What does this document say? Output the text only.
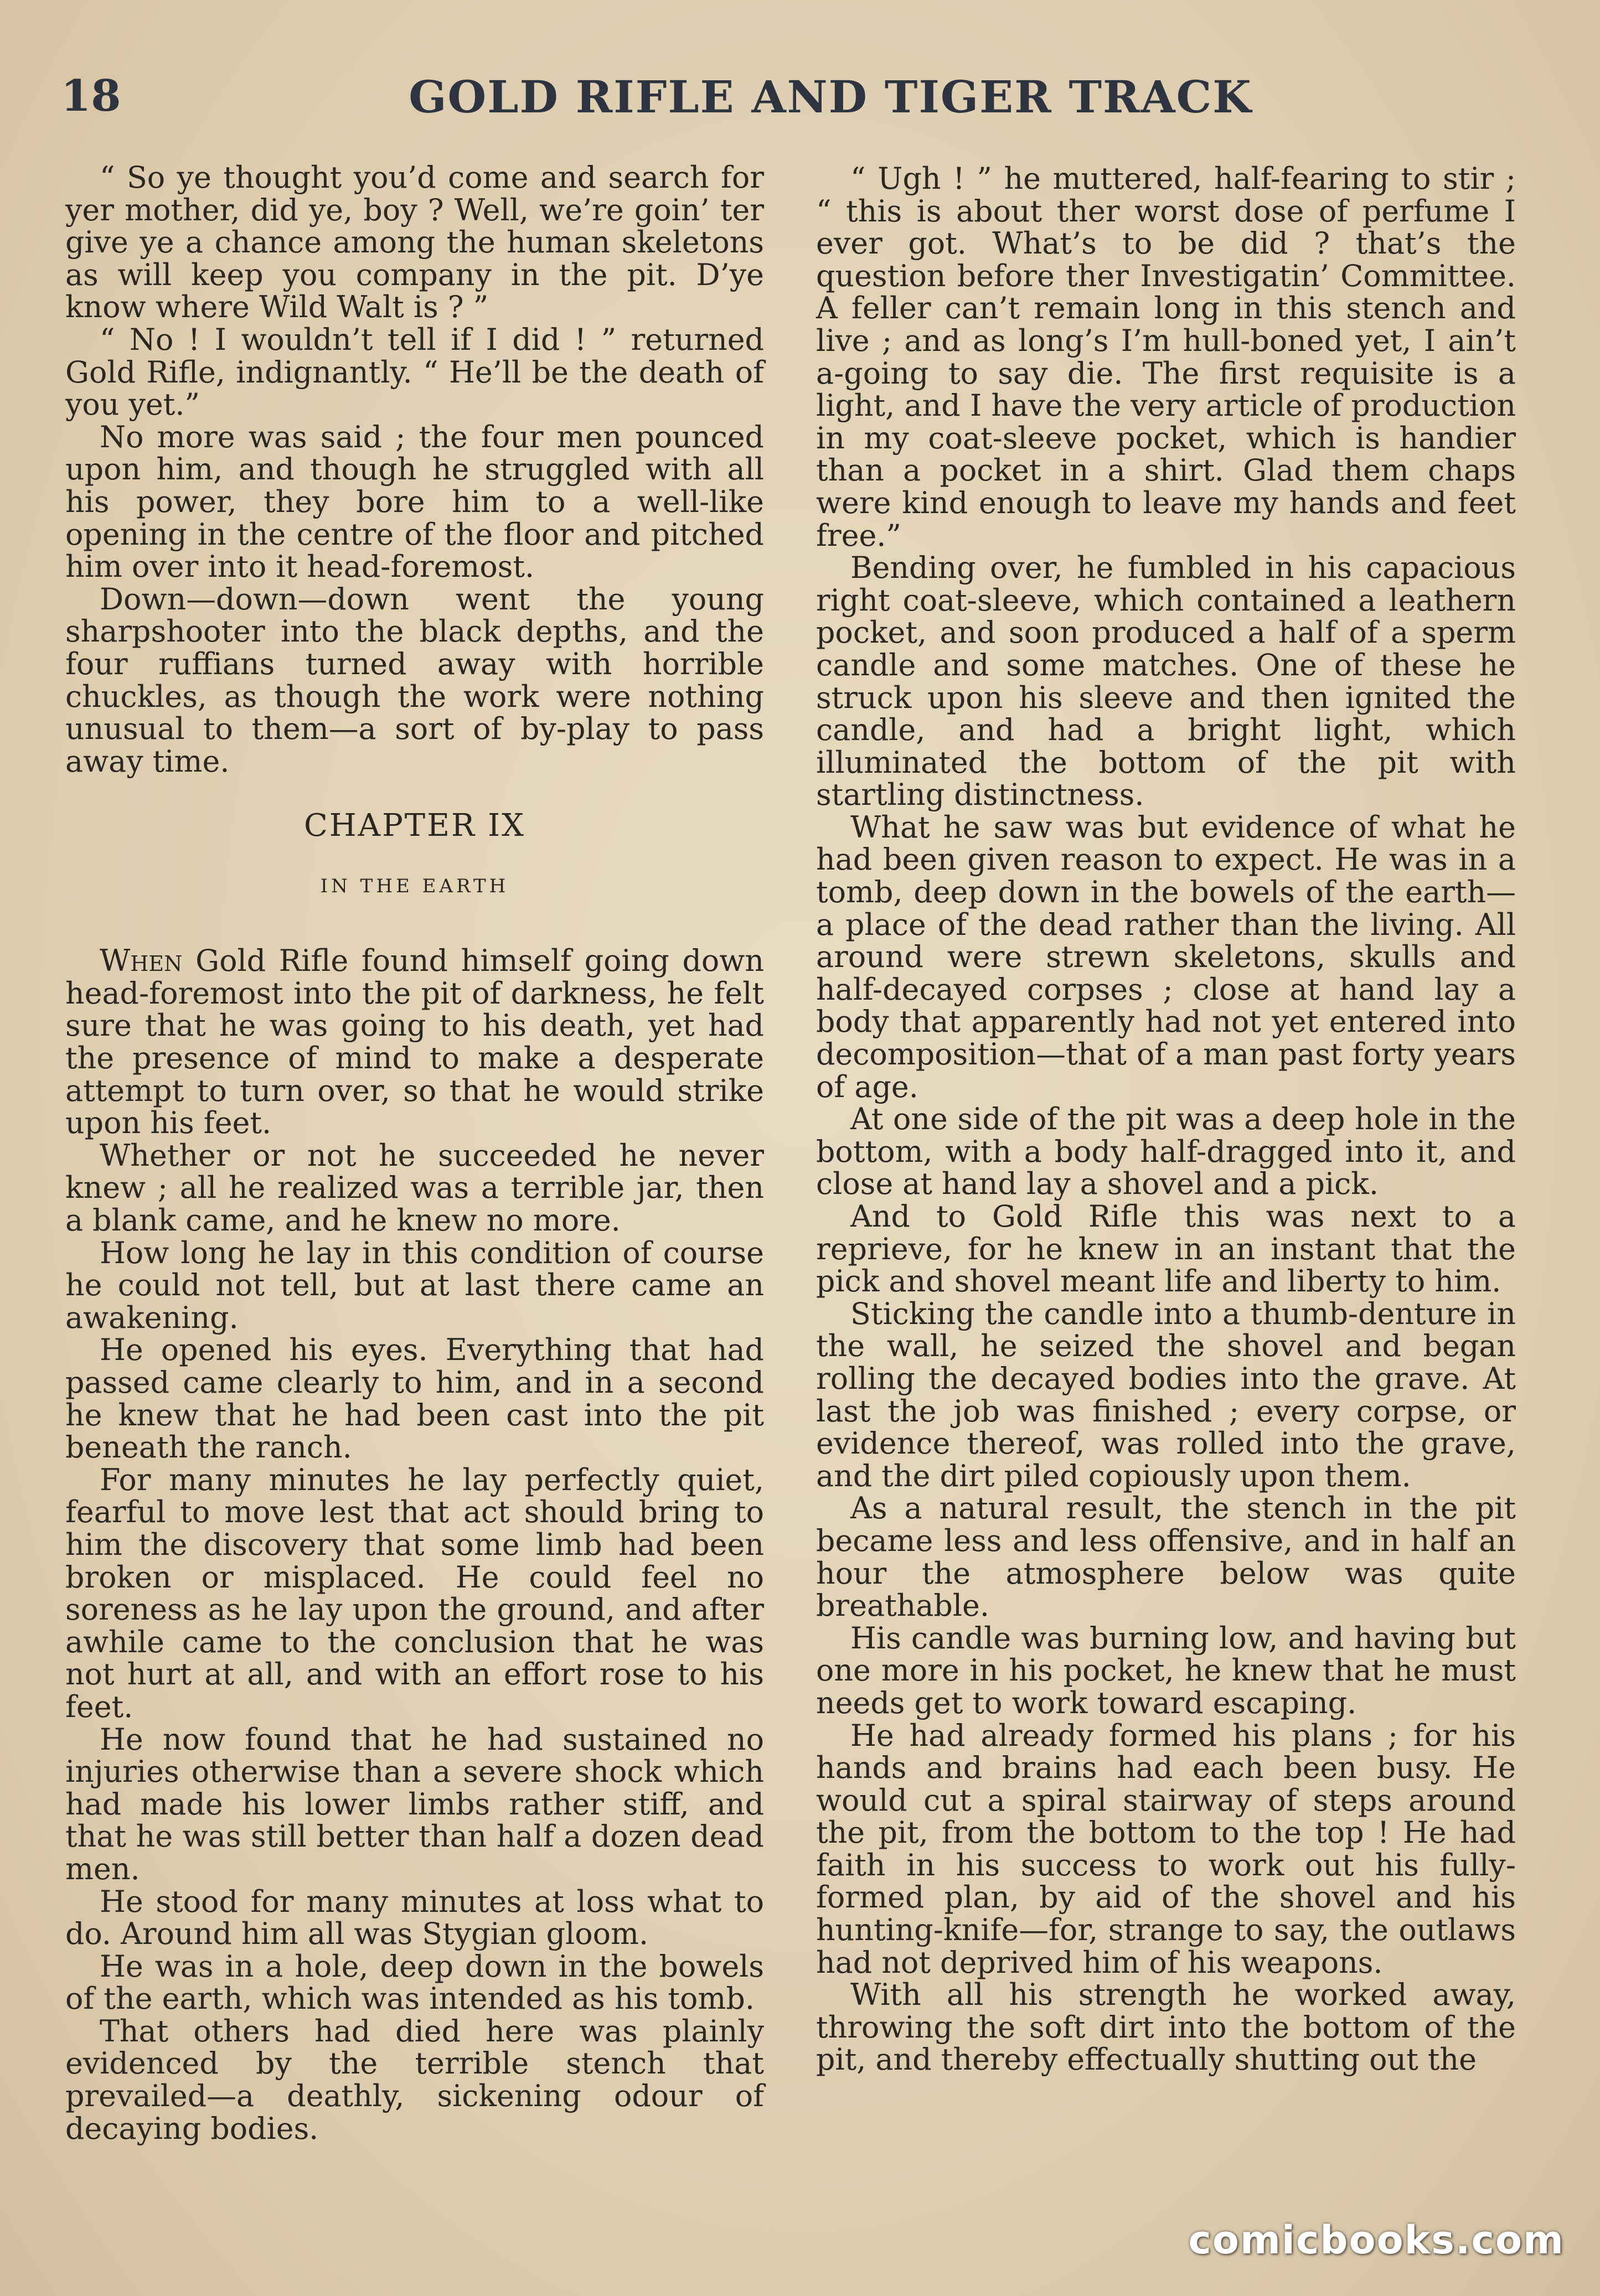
18	GOLD RIFLE AND TIGER TRACK

“ So ye thought you’d come and search for yer mother, did ye, boy ? Well, we’re goin’ ter give ye a chance among the human skeletons as will keep you company in the pit. D’ye know where Wild Walt is ? ”

“ No ! I wouldn’t tell if I did ! ” returned Gold Rifle, indignantly. “ He’ll be the death of you yet.”

No more was said ; the four men pounced upon him, and though he struggled with all his power, they bore him to a well-like opening in the centre of the floor and pitched him over into it head-foremost.

Down—down—down went the young sharpshooter into the black depths, and the four ruffians turned away with horrible chuckles, as though the work were nothing unusual to them—a sort of by-play to pass away time.

CHAPTER IX
IN THE EARTH

When Gold Rifle found himself going down head-foremost into the pit of darkness, he felt sure that he was going to his death, yet had the presence of mind to make a desperate attempt to turn over, so that he would strike upon his feet.

Whether or not he succeeded he never knew ; all he realized was a terrible jar, then a blank came, and he knew no more.

How long he lay in this condition of course he could not tell, but at last there came an awakening.

He opened his eyes. Everything that had passed came clearly to him, and in a second he knew that he had been cast into the pit beneath the ranch.

For many minutes he lay perfectly quiet, fearful to move lest that act should bring to him the discovery that some limb had been broken or misplaced. He could feel no soreness as he lay upon the ground, and after awhile came to the conclusion that he was not hurt at all, and with an effort rose to his feet.

He now found that he had sustained no injuries otherwise than a severe shock which had made his lower limbs rather stiff, and that he was still better than half a dozen dead men.

He stood for many minutes at loss what to do. Around him all was Stygian gloom.

He was in a hole, deep down in the bowels of the earth, which was intended as his tomb.

That others had died here was plainly evidenced by the terrible stench that prevailed—a deathly, sickening odour of decaying bodies.

“ Ugh ! ” he muttered, half-fearing to stir ; “ this is about ther worst dose of perfume I ever got. What’s to be did ? that’s the question before ther Investigatin’ Committee. A feller can’t remain long in this stench and live ; and as long’s I’m hull-boned yet, I ain’t a-going to say die. The first requisite is a light, and I have the very article of production in my coat-sleeve pocket, which is handier than a pocket in a shirt. Glad them chaps were kind enough to leave my hands and feet free.”

Bending over, he fumbled in his capacious right coat-sleeve, which contained a leathern pocket, and soon produced a half of a sperm candle and some matches. One of these he struck upon his sleeve and then ignited the candle, and had a bright light, which illuminated the bottom of the pit with startling distinctness.

What he saw was but evidence of what he had been given reason to expect. He was in a tomb, deep down in the bowels of the earth—a place of the dead rather than the living. All around were strewn skeletons, skulls and half-decayed corpses ; close at hand lay a body that apparently had not yet entered into decomposition—that of a man past forty years of age.

At one side of the pit was a deep hole in the bottom, with a body half-dragged into it, and close at hand lay a shovel and a pick.

And to Gold Rifle this was next to a reprieve, for he knew in an instant that the pick and shovel meant life and liberty to him.

Sticking the candle into a thumb-denture in the wall, he seized the shovel and began rolling the decayed bodies into the grave. At last the job was finished ; every corpse, or evidence thereof, was rolled into the grave, and the dirt piled copiously upon them.

As a natural result, the stench in the pit became less and less offensive, and in half an hour the atmosphere below was quite breathable.

His candle was burning low, and having but one more in his pocket, he knew that he must needs get to work toward escaping.

He had already formed his plans ; for his hands and brains had each been busy. He would cut a spiral stairway of steps around the pit, from the bottom to the top ! He had faith in his success to work out his fully-formed plan, by aid of the shovel and his hunting-knife—for, strange to say, the outlaws had not deprived him of his weapons.

With all his strength he worked away, throwing the soft dirt into the bottom of the pit, and thereby effectually shutting out the

comicbooks.com
